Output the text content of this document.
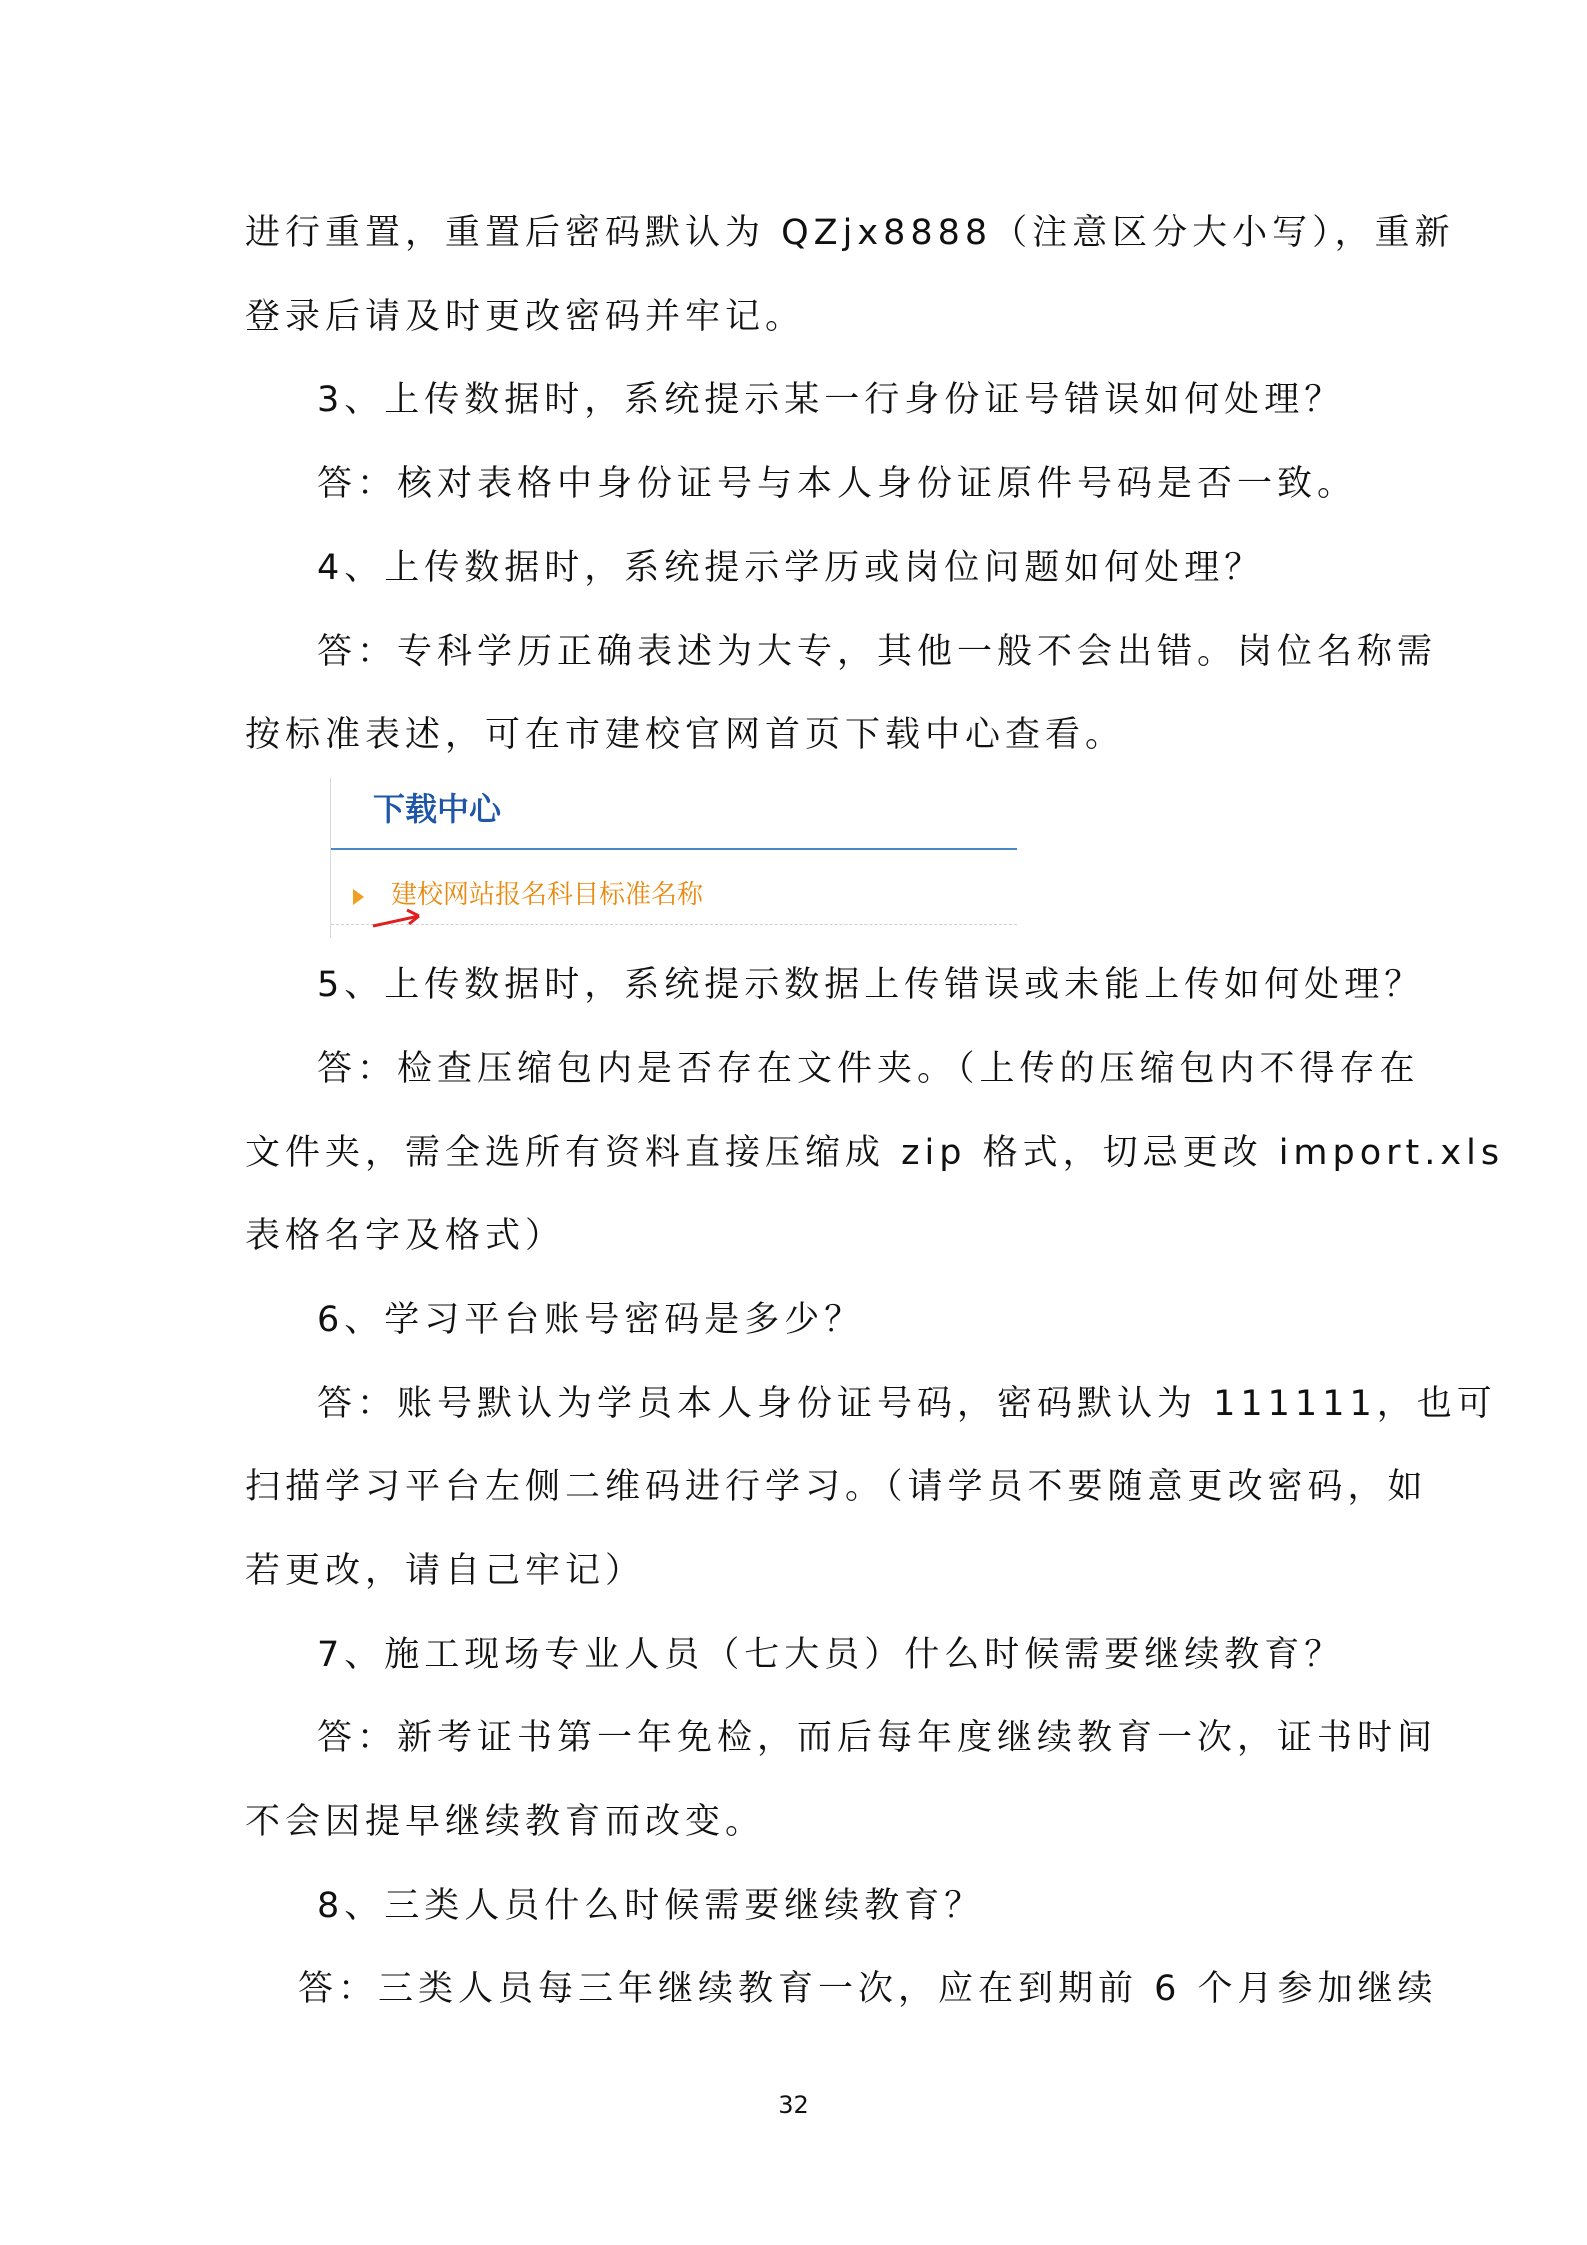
进行重置，重置后密码默认为 QZjx8888（注意区分大小写），重新
登录后请及时更改密码并牢记。
3、上传数据时，系统提示某一行身份证号错误如何处理？
答：核对表格中身份证号与本人身份证原件号码是否一致。
4、上传数据时，系统提示学历或岗位问题如何处理？
答：专科学历正确表述为大专，其他一般不会出错。岗位名称需
按标准表述，可在市建校官网首页下载中心查看。
下载中心
建校网站报名科目标准名称
5、上传数据时，系统提示数据上传错误或未能上传如何处理？
答：检查压缩包内是否存在文件夹。（上传的压缩包内不得存在
文件夹，需全选所有资料直接压缩成 zip 格式，切忌更改 import.xls
表格名字及格式）
6、学习平台账号密码是多少？
答：账号默认为学员本人身份证号码，密码默认为 111111，也可
扫描学习平台左侧二维码进行学习。（请学员不要随意更改密码，如
若更改，请自己牢记）
7、施工现场专业人员（七大员）什么时候需要继续教育？
答：新考证书第一年免检，而后每年度继续教育一次，证书时间
不会因提早继续教育而改变。
8、三类人员什么时候需要继续教育？
答：三类人员每三年继续教育一次，应在到期前 6 个月参加继续
32
